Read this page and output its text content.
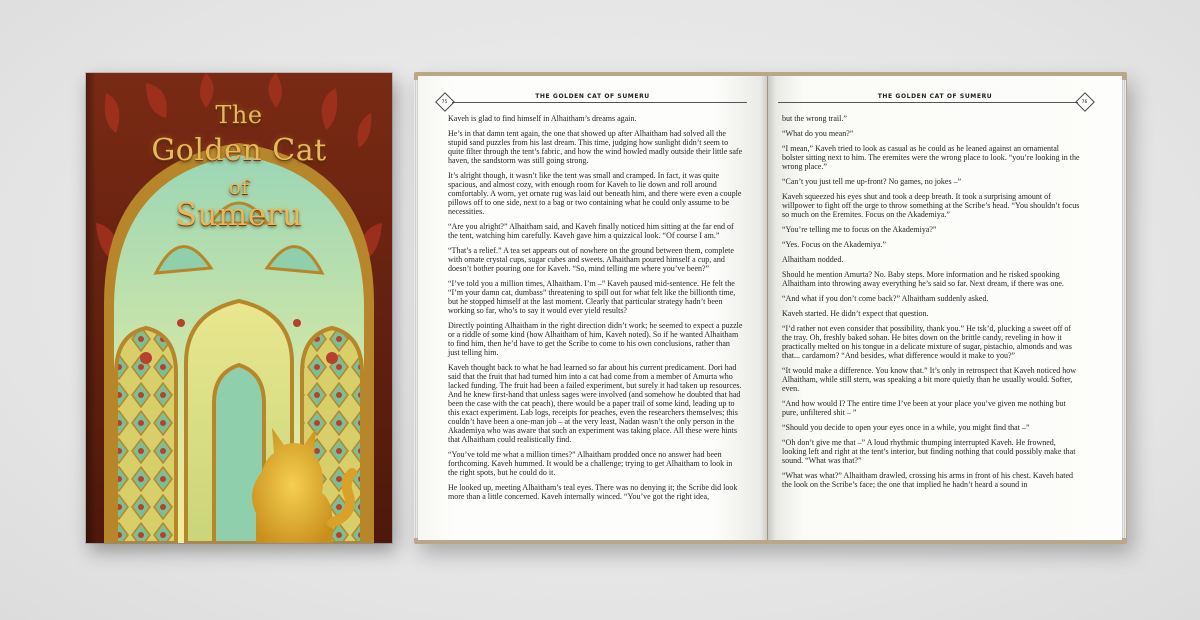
The
Golden Cat
of
Sumeru
75
THE GOLDEN CAT OF SUMERU

Kaveh is glad to find himself in Alhaitham’s dreams again.

He’s in that damn tent again, the one that showed up after Alhaitham had solved all the stupid sand puzzles from his last dream. This time, judging how sunlight didn’t seem to quite filter through the tent’s fabric, and how the wind howled madly outside their little safe haven, the sandstorm was still going strong.

It’s alright though, it wasn’t like the tent was small and cramped. In fact, it was quite spacious, and almost cozy, with enough room for Kaveh to lie down and roll around comfortably. A worn, yet ornate rug was laid out beneath him, and there were even a couple pillows off to one side, next to a bag or two containing what he could only assume to be necessities.

“Are you alright?” Alhaitham said, and Kaveh finally noticed him sitting at the far end of the tent, watching him carefully. Kaveh gave him a quizzical look. “Of course I am.”

“That’s a relief.” A tea set appears out of nowhere on the ground between them, complete with ornate crystal cups, sugar cubes and sweets. Alhaitham poured himself a cup, and doesn’t bother pouring one for Kaveh. “So, mind telling me where you’ve been?”

“I’ve told you a million times, Alhaitham. I’m –” Kaveh paused mid-sentence. He felt the “I’m your damn cat, dumbass” threatening to spill out for what felt like the billionth time, but he stopped himself at the last moment. Clearly that particular strategy hadn’t been working so far, who’s to say it would ever yield results?

Directly pointing Alhaitham in the right direction didn’t work; he seemed to expect a puzzle or a riddle of some kind (how Alhaitham of him, Kaveh noted). So if he wanted Alhaitham to find him, then he’d have to get the Scribe to come to his own conclusions, rather than just telling him.

Kaveh thought back to what he had learned so far about his current predicament. Dori had said that the fruit that had turned him into a cat had come from a member of Amurta who lacked funding. The fruit had been a failed experiment, but surely it had taken up resources. And he knew first-hand that unless sages were involved (and somehow he doubted that had been the case with the cat peach), there would be a paper trail of some kind, leading up to this exact experiment. Lab logs, receipts for peaches, even the researchers themselves; this couldn’t have been a one-man job – at the very least, Nadan wasn’t the only person in the Akademiya who was aware that such an experiment was taking place. All these were hints that Alhaitham could realistically find.

“You’ve told me what a million times?” Alhaitham prodded once no answer had been forthcoming. Kaveh hummed. It would be a challenge; trying to get Alhaitham to look in the right spots, but he could do it.

He looked up, meeting Alhaitham’s teal eyes. There was no denying it; the Scribe did look more than a little concerned. Kaveh internally winced. “You’ve got the right idea,

76
THE GOLDEN CAT OF SUMERU

but the wrong trail.”

“What do you mean?”

“I mean,” Kaveh tried to look as casual as he could as he leaned against an ornamental bolster sitting next to him. The eremites were the wrong place to look. “you’re looking in the wrong place.”

“Can’t you just tell me up-front? No games, no jokes –”

Kaveh squeezed his eyes shut and took a deep breath. It took a surprising amount of willpower to fight off the urge to throw something at the Scribe’s head. “You shouldn’t focus so much on the Eremites. Focus on the Akademiya.”

“You’re telling me to focus on the Akademiya?”

“Yes. Focus on the Akademiya.”

Alhaitham nodded.

Should he mention Amurta? No. Baby steps. More information and he risked spooking Alhaitham into throwing away everything he’s said so far. Next dream, if there was one.

“And what if you don’t come back?” Alhaitham suddenly asked.

Kaveh started. He didn’t expect that question.

“I’d rather not even consider that possibility, thank you.” He tsk’d, plucking a sweet off of the tray. Oh, freshly baked sohan. He bites down on the brittle candy, reveling in how it practically melted on his tongue in a delicate mixture of sugar, pistachio, almonds and was that... cardamom? “And besides, what difference would it make to you?”

“It would make a difference. You know that.” It’s only in retrospect that Kaveh noticed how Alhaitham, while still stern, was speaking a bit more quietly than he usually would. Softer, even.

“And how would I? The entire time I’ve been at your place you’ve given me nothing but pure, unfiltered shit – ”

“Should you decide to open your eyes once in a while, you might find that –”

“Oh don’t give me that –” A loud rhythmic thumping interrupted Kaveh. He frowned, looking left and right at the tent’s interior, but finding nothing that could possibly make that sound. “What was that?”

“What was what?” Alhaitham drawled, crossing his arms in front of his chest. Kaveh hated the look on the Scribe’s face; the one that implied he hadn’t heard a sound in
